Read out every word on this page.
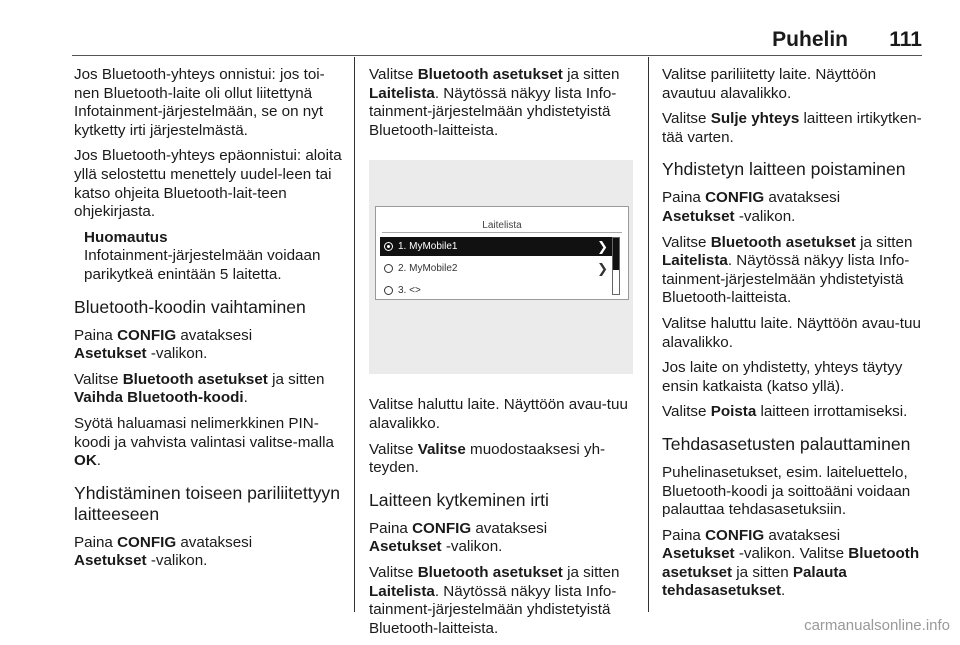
Puhelin 111

Jos Bluetooth-yhteys onnistui: jos toi-nen Bluetooth-laite oli ollut liitettynä Infotainment-järjestelmään, se on nyt kytketty irti järjestelmästä.

Jos Bluetooth-yhteys epäonnistui: aloita yllä selostettu menettely uudel-leen tai katso ohjeita Bluetooth-lait-teen ohjekirjasta.

Huomautus
Infotainment-järjestelmään voidaan parikytkeä enintään 5 laitetta.
Bluetooth-koodin vaihtaminen

Paina CONFIG avataksesi
Asetukset -valikon.

Valitse Bluetooth asetukset ja sitten
Vaihda Bluetooth-koodi.

Syötä haluamasi nelimerkkinen PIN-koodi ja vahvista valintasi valitse-malla OK.

Yhdistäminen toiseen pariliitettyyn laitteeseen

Paina CONFIG avataksesi
Asetukset -valikon.

Valitse Bluetooth asetukset ja sitten
Laitelista. Näytössä näkyy lista Info-tainment-järjestelmään yhdistetyistä Bluetooth-laitteista.

Laitelista
1. MyMobile1	❯
2. MyMobile2	❯
3. <>

Valitse haluttu laite. Näyttöön avau-tuu alavalikko.

Valitse Valitse muodostaaksesi yh-teyden.

Laitteen kytkeminen irti

Paina CONFIG avataksesi
Asetukset -valikon.

Valitse Bluetooth asetukset ja sitten
Laitelista. Näytössä näkyy lista Info-tainment-järjestelmään yhdistetyistä Bluetooth-laitteista.

Valitse pariliitetty laite. Näyttöön avautuu alavalikko.

Valitse Sulje yhteys laitteen irtikytken-tää varten.

Yhdistetyn laitteen poistaminen

Paina CONFIG avataksesi
Asetukset -valikon.

Valitse Bluetooth asetukset ja sitten
Laitelista. Näytössä näkyy lista Info-tainment-järjestelmään yhdistetyistä Bluetooth-laitteista.

Valitse haluttu laite. Näyttöön avau-tuu alavalikko.

Jos laite on yhdistetty, yhteys täytyy ensin katkaista (katso yllä).

Valitse Poista laitteen irrottamiseksi.

Tehdasasetusten palauttaminen

Puhelinasetukset, esim. laiteluettelo, Bluetooth-koodi ja soittoääni voidaan palauttaa tehdasasetuksiin.

Paina CONFIG avataksesi
Asetukset -valikon. Valitse Bluetooth asetukset ja sitten Palauta tehdasasetukset.

carmanualsonline.info
